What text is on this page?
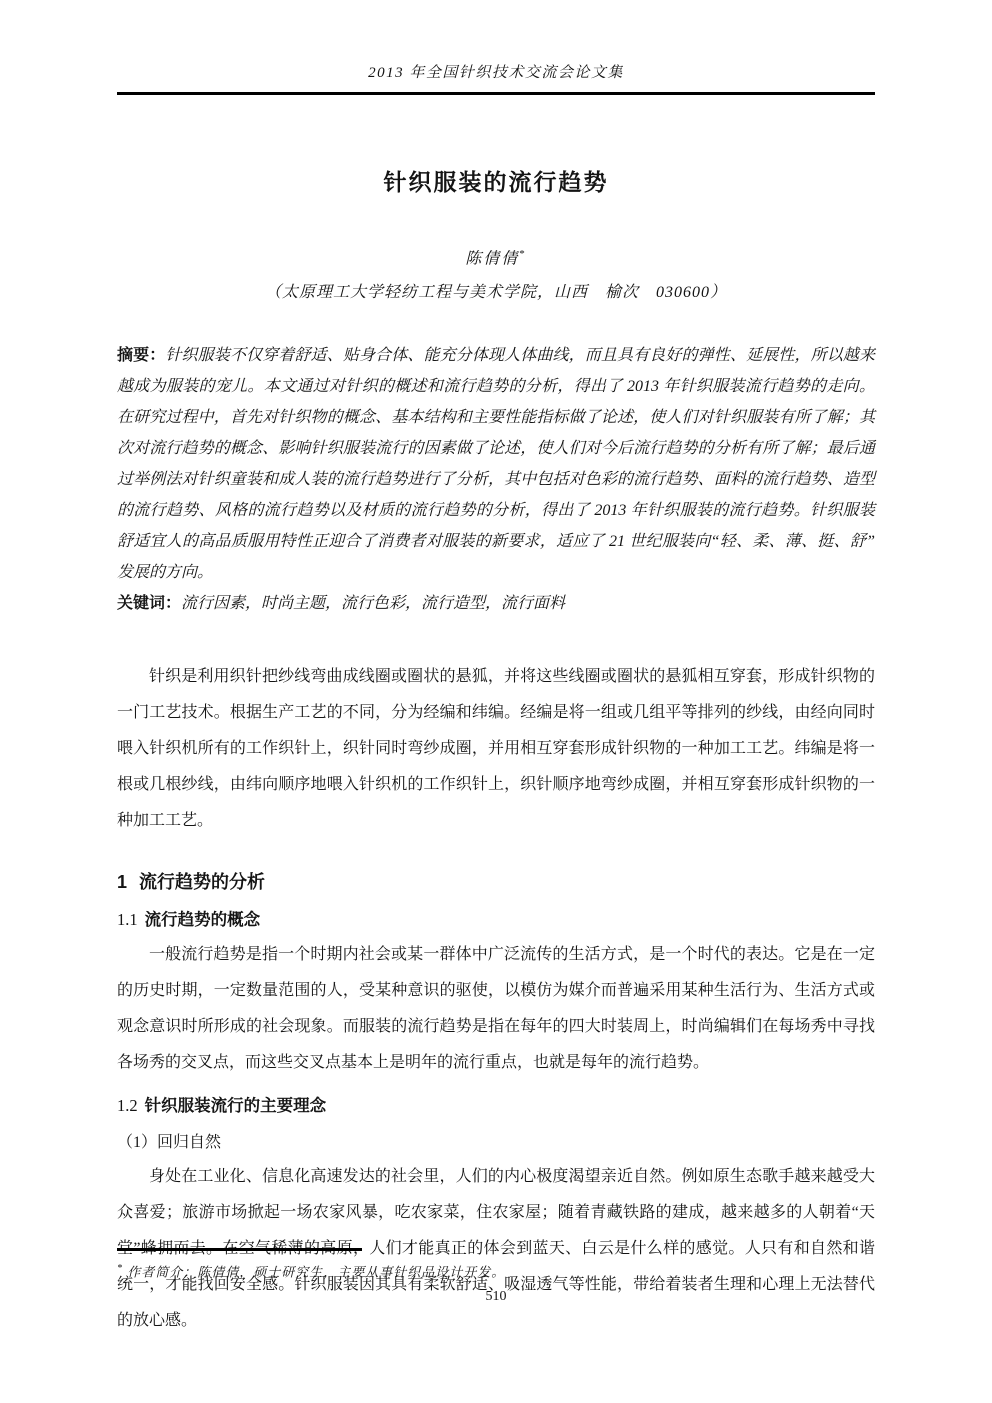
2013 年全国针织技术交流会论文集
针织服装的流行趋势
陈倩倩*
（太原理工大学轻纺工程与美术学院，山西　榆次　030600）
摘要：针织服装不仅穿着舒适、贴身合体、能充分体现人体曲线，而且具有良好的弹性、延展性，所以越来越成为服装的宠儿。本文通过对针织的概述和流行趋势的分析，得出了 2013 年针织服装流行趋势的走向。在研究过程中，首先对针织物的概念、基本结构和主要性能指标做了论述，使人们对针织服装有所了解；其次对流行趋势的概念、影响针织服装流行的因素做了论述，使人们对今后流行趋势的分析有所了解；最后通过举例法对针织童装和成人装的流行趋势进行了分析，其中包括对色彩的流行趋势、面料的流行趋势、造型的流行趋势、风格的流行趋势以及材质的流行趋势的分析，得出了 2013 年针织服装的流行趋势。针织服装舒适宜人的高品质服用特性正迎合了消费者对服装的新要求，适应了 21 世纪服装向“轻、柔、薄、挺、舒”发展的方向。
关键词：流行因素，时尚主题，流行色彩，流行造型，流行面料

针织是利用织针把纱线弯曲成线圈或圈状的悬狐，并将这些线圈或圈状的悬狐相互穿套，形成针织物的一门工艺技术。根据生产工艺的不同，分为经编和纬编。经编是将一组或几组平等排列的纱线，由经向同时喂入针织机所有的工作织针上，织针同时弯纱成圈，并用相互穿套形成针织物的一种加工工艺。纬编是将一根或几根纱线，由纬向顺序地喂入针织机的工作织针上，织针顺序地弯纱成圈，并相互穿套形成针织物的一种加工工艺。

1 流行趋势的分析
1.1 流行趋势的概念

一般流行趋势是指一个时期内社会或某一群体中广泛流传的生活方式，是一个时代的表达。它是在一定的历史时期，一定数量范围的人，受某种意识的驱使，以模仿为媒介而普遍采用某种生活行为、生活方式或观念意识时所形成的社会现象。而服装的流行趋势是指在每年的四大时装周上，时尚编辑们在每场秀中寻找各场秀的交叉点，而这些交叉点基本上是明年的流行重点，也就是每年的流行趋势。

1.2 针织服装流行的主要理念
（1）回归自然

身处在工业化、信息化高速发达的社会里，人们的内心极度渴望亲近自然。例如原生态歌手越来越受大众喜爱；旅游市场掀起一场农家风暴，吃农家菜，住农家屋；随着青藏铁路的建成，越来越多的人朝着“天堂”蜂拥而去。在空气稀薄的高原，人们才能真正的体会到蓝天、白云是什么样的感觉。人只有和自然和谐统一，才能找回安全感。针织服装因其具有柔软舒适、吸湿透气等性能，带给着装者生理和心理上无法替代的放心感。

* 作者简介：陈倩倩，硕士研究生，主要从事针织品设计开发。
510
